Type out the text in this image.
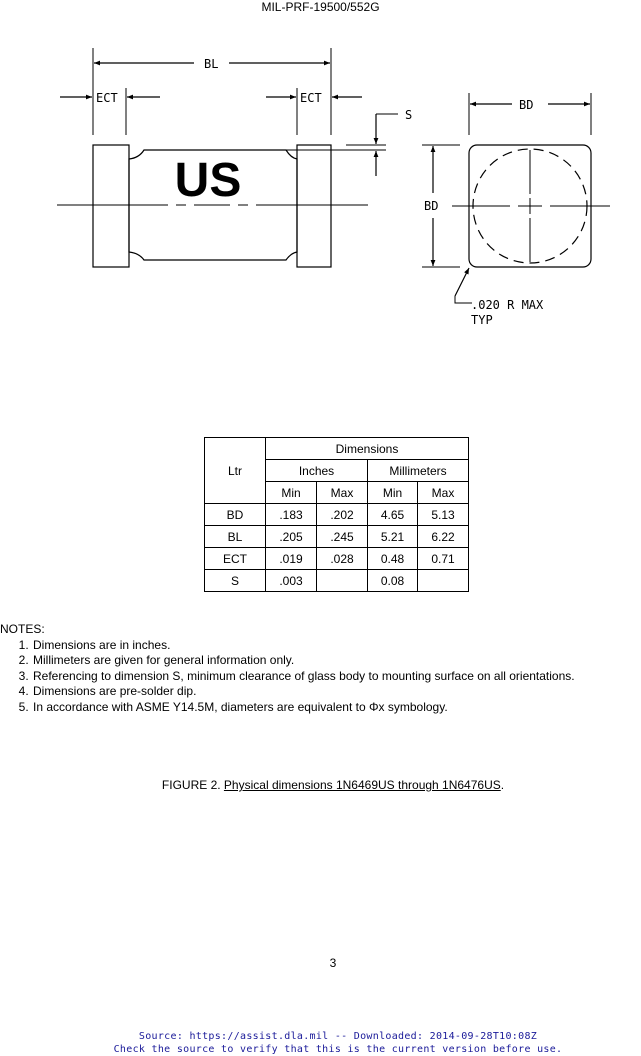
MIL-PRF-19500/552G
BL
ECT	ECT
S
BD
BD
.020 R MAX
TYP
US
Ltr	Dimensions			
	Inches		Millimeters	
	Min	Max	Min	Max
BD	.183	.202	4.65	5.13
BL	.205	.245	5.21	6.22
ECT	.019	.028	0.48	0.71
S	.003		0.08	
NOTES:
1. Dimensions are in inches.
2. Millimeters are given for general information only.
3. Referencing to dimension S, minimum clearance of glass body to mounting surface on all orientations.
4. Dimensions are pre-solder dip.
5. In accordance with ASME Y14.5M, diameters are equivalent to Φx symbology.
FIGURE 2. Physical dimensions 1N6469US through 1N6476US.
3
Source: https://assist.dla.mil -- Downloaded: 2014-09-28T10:08Z
Check the source to verify that this is the current version before use.
